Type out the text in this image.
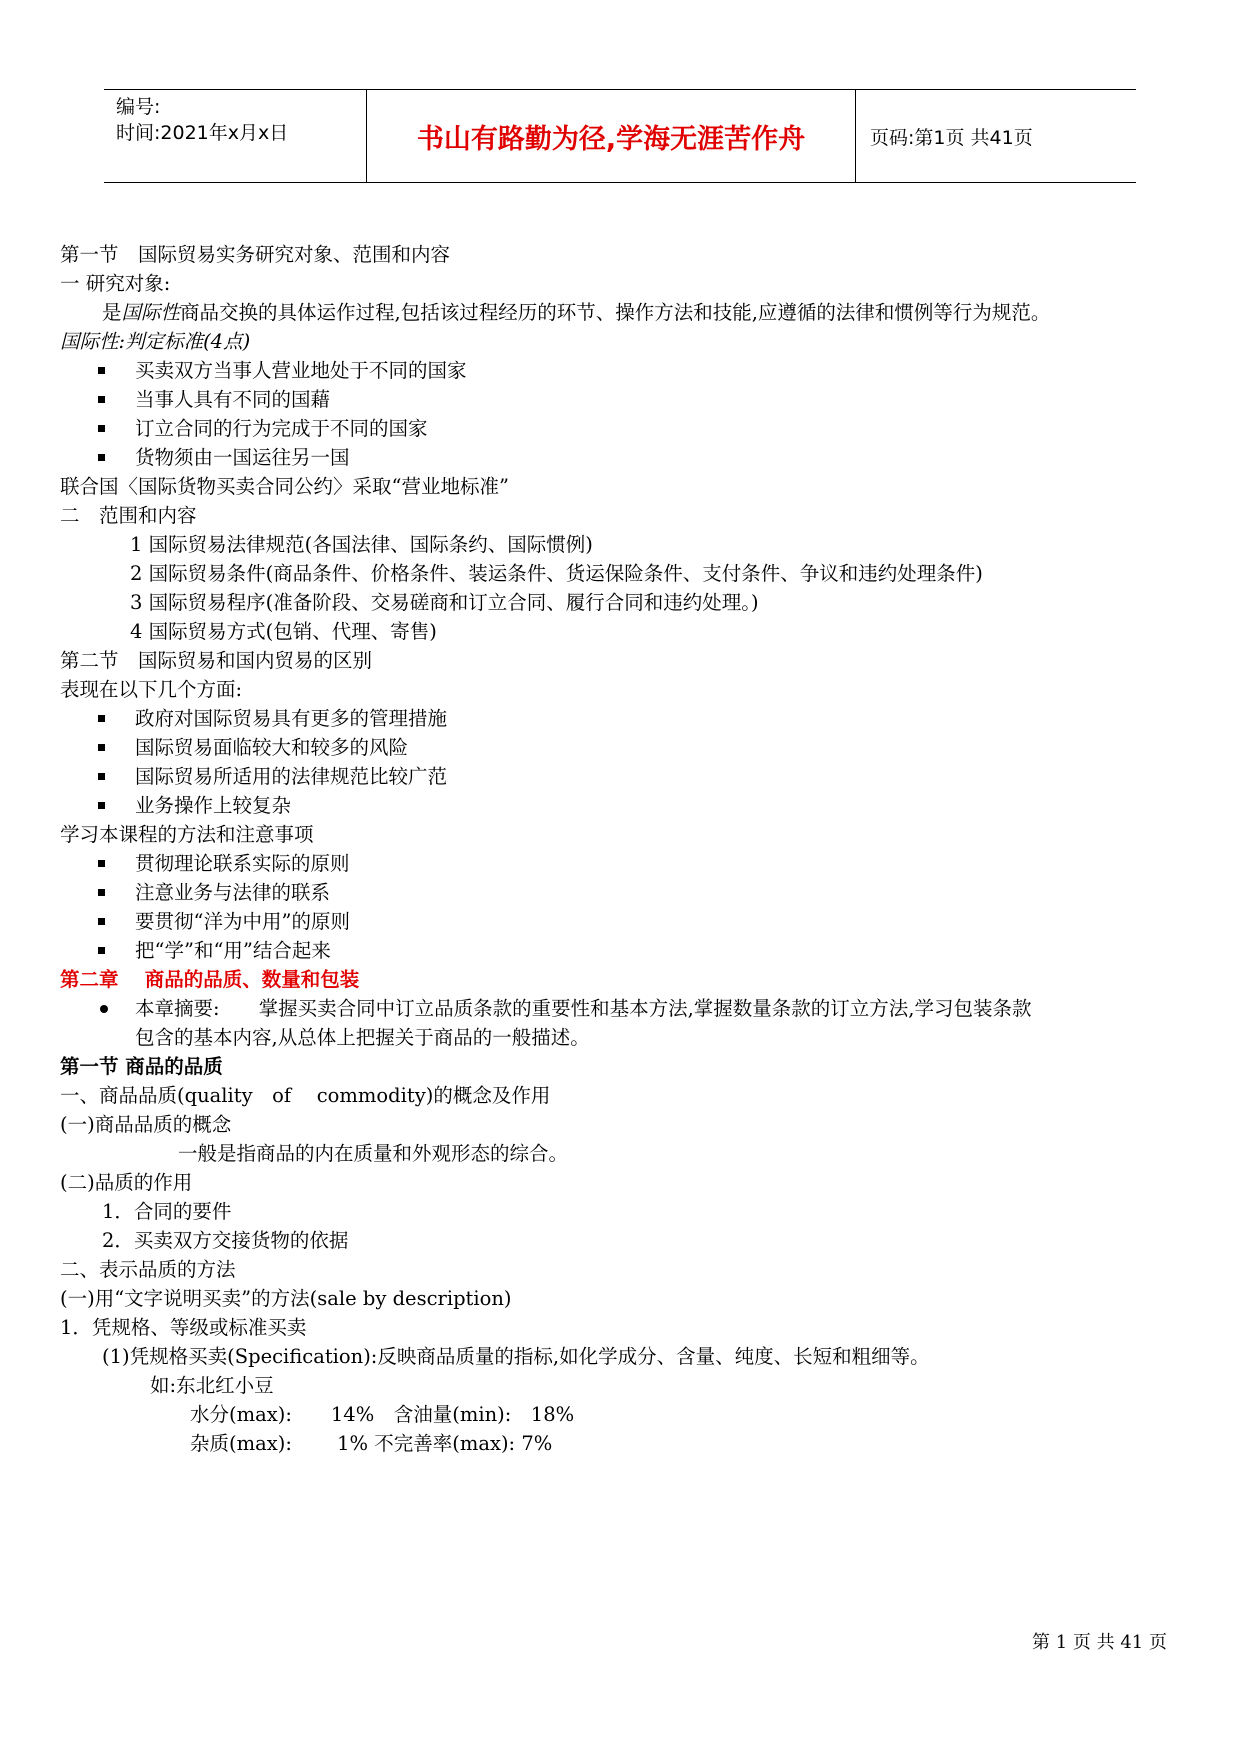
编号:
时间:2021年x月x日	书山有路勤为径,学海无涯苦作舟	页码:第1页 共41页
第一节　国际贸易实务研究对象、范围和内容
一 研究对象:
是国际性商品交换的具体运作过程,包括该过程经历的环节、操作方法和技能,应遵循的法律和惯例等行为规范。
国际性:判定标准(4点)
买卖双方当事人营业地处于不同的国家
当事人具有不同的国藉
订立合同的行为完成于不同的国家
货物须由一国运往另一国
联合国〈国际货物买卖合同公约〉采取“营业地标准”
二　范围和内容
1 国际贸易法律规范(各国法律、国际条约、国际惯例)
2 国际贸易条件(商品条件、价格条件、装运条件、货运保险条件、支付条件、争议和违约处理条件)
3 国际贸易程序(准备阶段、交易磋商和订立合同、履行合同和违约处理。)
4 国际贸易方式(包销、代理、寄售)
第二节　国际贸易和国内贸易的区别
表现在以下几个方面:
政府对国际贸易具有更多的管理措施
国际贸易面临较大和较多的风险
国际贸易所适用的法律规范比较广范
业务操作上较复杂
学习本课程的方法和注意事项
贯彻理论联系实际的原则
注意业务与法律的联系
要贯彻“洋为中用”的原则
把“学”和“用”结合起来
第二章　 商品的品质、数量和包装
本章摘要:　　掌握买卖合同中订立品质条款的重要性和基本方法,掌握数量条款的订立方法,学习包装条款
包含的基本内容,从总体上把握关于商品的一般描述。
第一节 商品的品质
一、商品品质(quality　of　 commodity)的概念及作用
(一)商品品质的概念
一般是指商品的内在质量和外观形态的综合。
(二)品质的作用
1．合同的要件
2．买卖双方交接货物的依据
二、表示品质的方法
(一)用“文字说明买卖”的方法(sale by description)
1．凭规格、等级或标准买卖
(1)凭规格买卖(Specification):反映商品质量的指标,如化学成分、含量、纯度、长短和粗细等。
如:东北红小豆
水分(max):　　14%　含油量(min):　18%
杂质(max):　　 1% 不完善率(max): 7%
第 1 页 共 41 页
